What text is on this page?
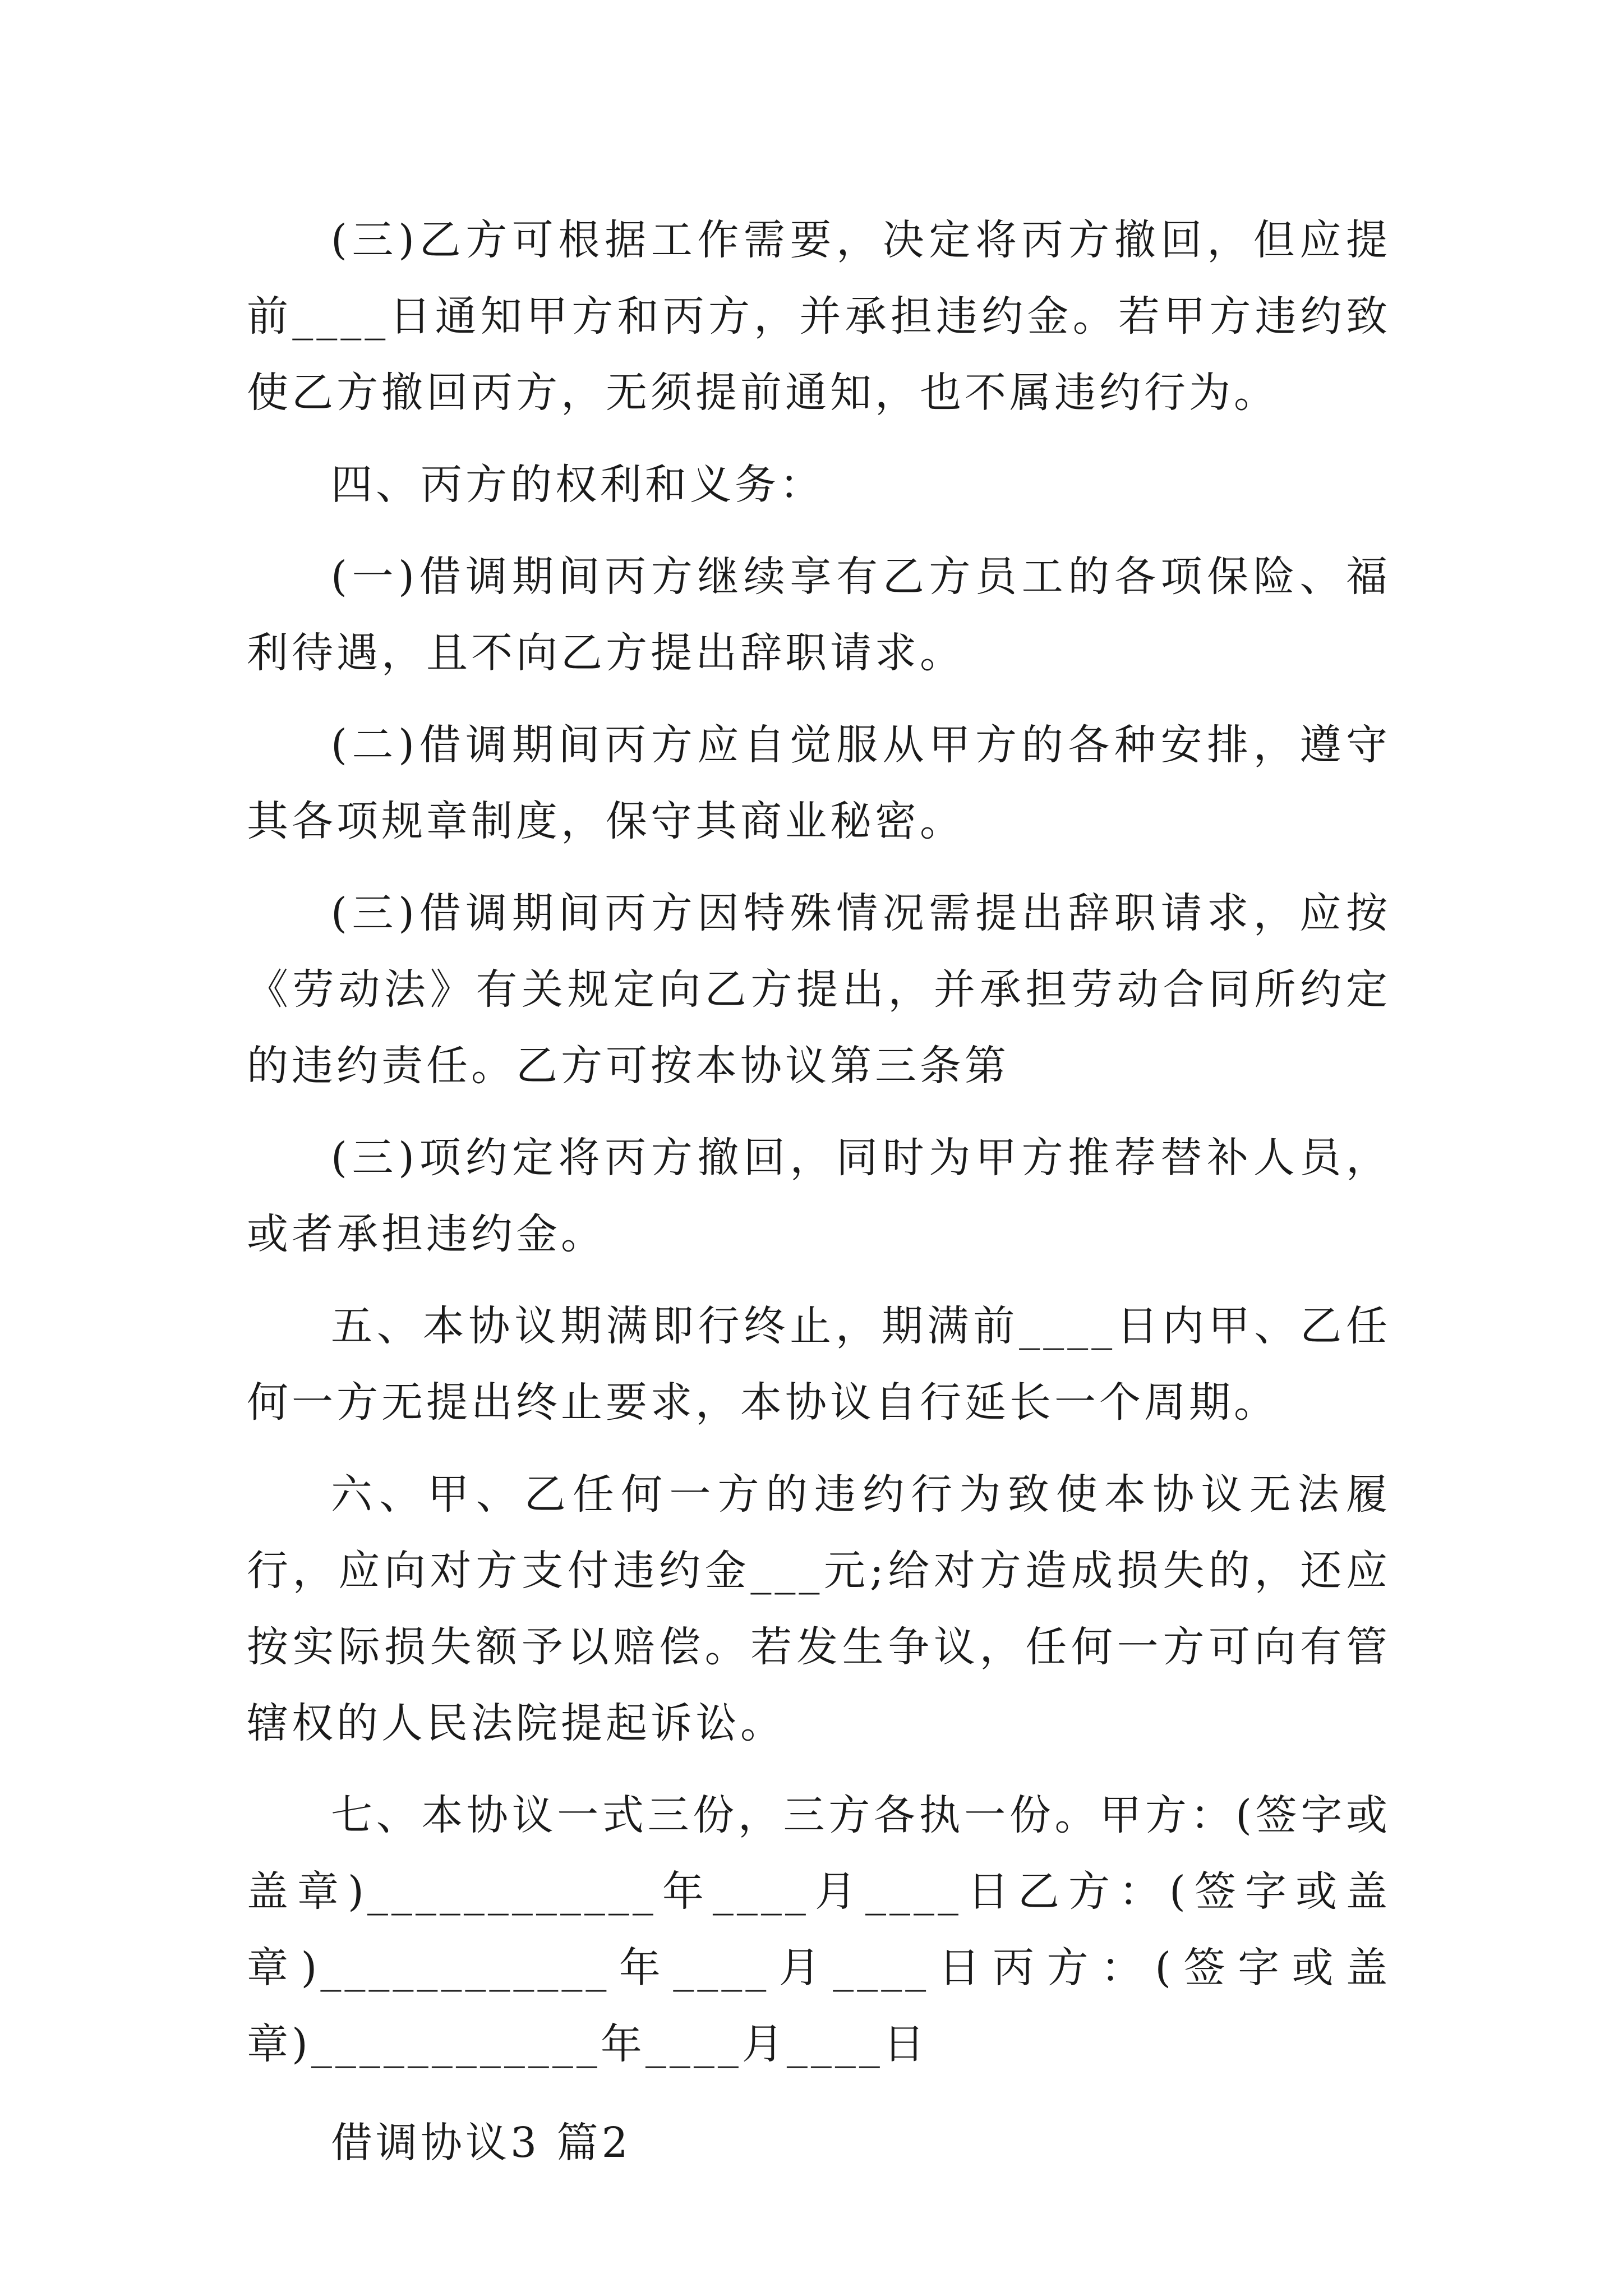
(三)乙方可根据工作需要，决定将丙方撤回，但应提前____日通知甲方和丙方，并承担违约金。若甲方违约致使乙方撤回丙方，无须提前通知，也不属违约行为。

四、丙方的权利和义务：

(一)借调期间丙方继续享有乙方员工的各项保险、福利待遇，且不向乙方提出辞职请求。

(二)借调期间丙方应自觉服从甲方的各种安排，遵守其各项规章制度，保守其商业秘密。

(三)借调期间丙方因特殊情况需提出辞职请求，应按《劳动法》有关规定向乙方提出，并承担劳动合同所约定的违约责任。乙方可按本协议第三条第

(三)项约定将丙方撤回，同时为甲方推荐替补人员，或者承担违约金。

五、本协议期满即行终止，期满前____日内甲、乙任何一方无提出终止要求，本协议自行延长一个周期。

六、甲、乙任何一方的违约行为致使本协议无法履行，应向对方支付违约金___元;给对方造成损失的，还应按实际损失额予以赔偿。若发生争议，任何一方可向有管辖权的人民法院提起诉讼。

七、本协议一式三份，三方各执一份。甲方：(签字或盖章)____________年____月____日乙方：(签字或盖章)____________年____月____日丙方：(签字或盖章)____________年____月____日

借调协议3 篇2
